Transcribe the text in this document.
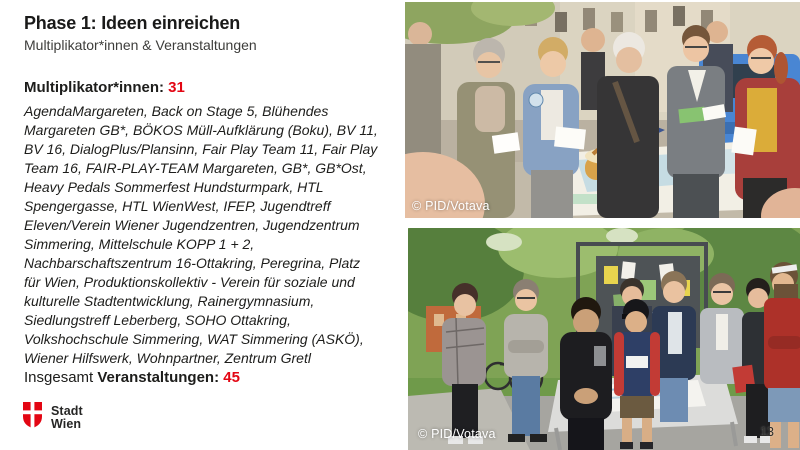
Phase 1: Ideen einreichen
Multiplikator*innen & Veranstaltungen
Multiplikator*innen: 31
AgendaMargareten, Back on Stage 5, Blühendes
Margareten GB*, BÖKOS Müll-Aufklärung (Boku), BV 11,
BV 16, DialogPlus/Plansinn, Fair Play Team 11, Fair Play
Team 16, FAIR-PLAY-TEAM Margareten, GB*, GB*Ost,
Heavy Pedals Sommerfest Hundsturmpark, HTL
Spengergasse, HTL WienWest, IFEP, Jugendtreff
Eleven/Verein Wiener Jugendzentren, Jugendzentrum
Simmering, Mittelschule KOPP 1 + 2,
Nachbarschaftszentrum 16-Ottakring, Peregrina, Platz
für Wien, Produktionskollektiv - Verein für soziale und
kulturelle Stadtentwicklung, Rainergymnasium,
Siedlungstreff Leberberg, SOHO Ottakring,
Volkshochschule Simmering, WAT Simmering (ASKÖ),
Wiener Hilfswerk, Wohnpartner, Zentrum Gretl
Insgesamt Veranstaltungen: 45
Stadt
Wien
© PID/Votava
© PID/Votava	13
